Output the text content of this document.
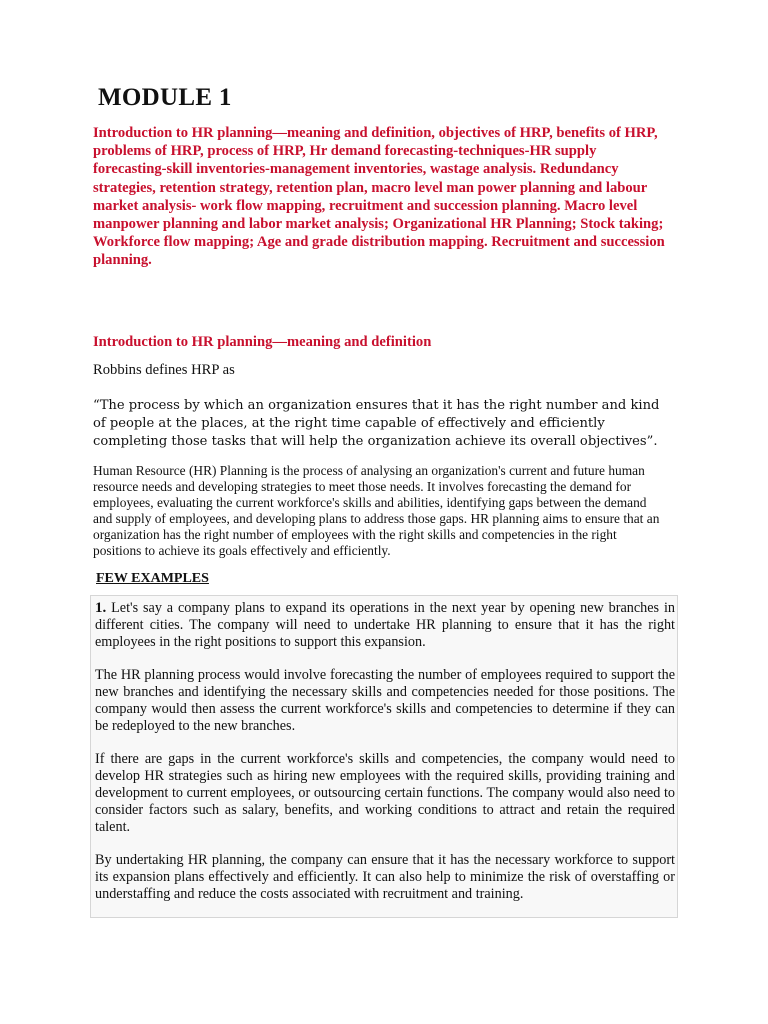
MODULE 1

Introduction to HR planning—meaning and definition, objectives of HRP, benefits of HRP, problems of HRP, process of HRP, Hr demand forecasting-techniques-HR supply forecasting-skill inventories-management inventories, wastage analysis. Redundancy strategies, retention strategy, retention plan, macro level man power planning and labour market analysis- work flow mapping, recruitment and succession planning. Macro level manpower planning and labor market analysis; Organizational HR Planning; Stock taking; Workforce flow mapping; Age and grade distribution mapping. Recruitment and succession planning.

Introduction to HR planning—meaning and definition

Robbins defines HRP as

“The process by which an organization ensures that it has the right number and kind of people at the places, at the right time capable of effectively and efficiently completing those tasks that will help the organization achieve its overall objectives”.

Human Resource (HR) Planning is the process of analysing an organization's current and future human resource needs and developing strategies to meet those needs. It involves forecasting the demand for employees, evaluating the current workforce's skills and abilities, identifying gaps between the demand and supply of employees, and developing plans to address those gaps. HR planning aims to ensure that an organization has the right number of employees with the right skills and competencies in the right positions to achieve its goals effectively and efficiently.

FEW EXAMPLES

1. Let's say a company plans to expand its operations in the next year by opening new branches in different cities. The company will need to undertake HR planning to ensure that it has the right employees in the right positions to support this expansion.

The HR planning process would involve forecasting the number of employees required to support the new branches and identifying the necessary skills and competencies needed for those positions. The company would then assess the current workforce's skills and competencies to determine if they can be redeployed to the new branches.

If there are gaps in the current workforce's skills and competencies, the company would need to develop HR strategies such as hiring new employees with the required skills, providing training and development to current employees, or outsourcing certain functions. The company would also need to consider factors such as salary, benefits, and working conditions to attract and retain the required talent.

By undertaking HR planning, the company can ensure that it has the necessary workforce to support its expansion plans effectively and efficiently. It can also help to minimize the risk of overstaffing or understaffing and reduce the costs associated with recruitment and training.
